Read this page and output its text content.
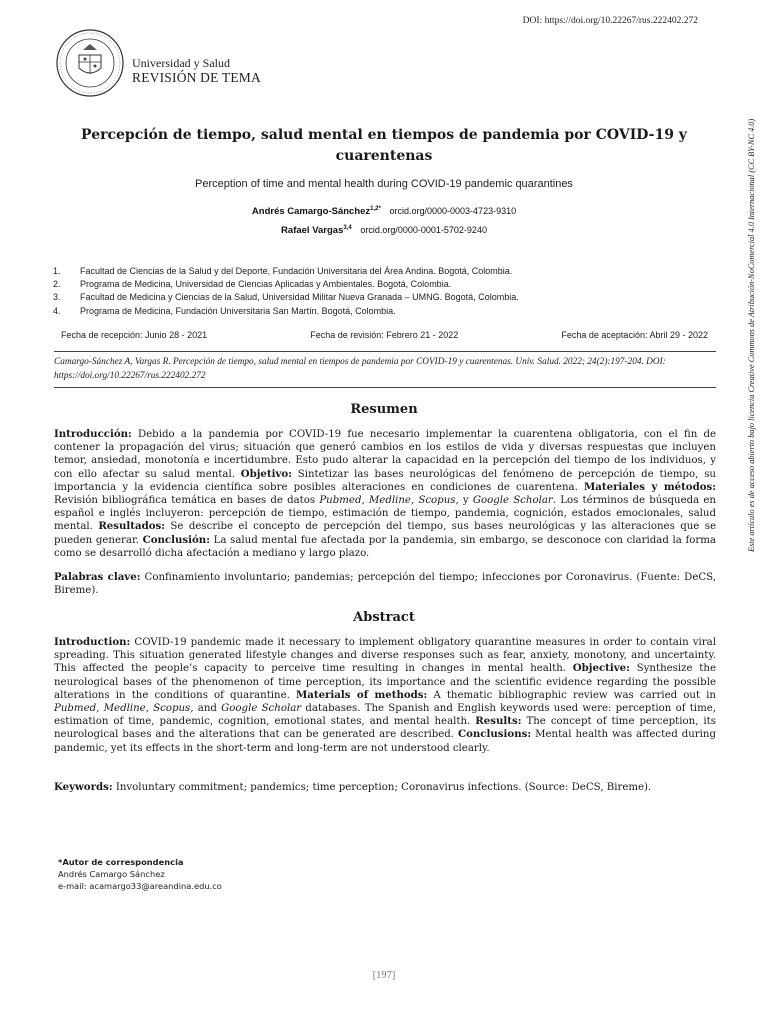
DOI: https://doi.org/10.22267/rus.222402.272
Universidad y Salud
REVISIÓN DE TEMA
Percepción de tiempo, salud mental en tiempos de pandemia por COVID-19 y cuarentenas
Perception of time and mental health during COVID-19 pandemic quarantines
Andrés Camargo-Sánchez$^{1,2*}$ orcid.org/0000-0003-4723-9310
Rafael Vargas$^{3,4}$ orcid.org/0000-0001-5702-9240
1.	Facultad de Ciencias de la Salud y del Deporte, Fundación Universitaria del Área Andina. Bogotá, Colombia.
2.	Programa de Medicina, Universidad de Ciencias Aplicadas y Ambientales. Bogotá, Colombia.
3.	Facultad de Medicina y Ciencias de la Salud, Universidad Militar Nueva Granada – UMNG. Bogotá, Colombia.
4.	Programa de Medicina, Fundación Universitaria San Martín. Bogotá, Colombia.
Fecha de recepción: Junio 28 - 2021	Fecha de revisión: Febrero 21 - 2022	Fecha de aceptación: Abril 29 - 2022
Camargo-Sánchez A, Vargas R. Percepción de tiempo, salud mental en tiempos de pandemia por COVID-19 y cuarentenas. Univ. Salud. 2022; 24(2):197-204. DOI: https://doi.org/10.22267/rus.222402.272
Resumen
Introducción: Debido a la pandemia por COVID-19 fue necesario implementar la cuarentena obligatoria, con el fin de contener la propagación del virus; situación que generó cambios en los estilos de vida y diversas respuestas que incluyen temor, ansiedad, monotonía e incertidumbre. Esto pudo alterar la capacidad en la percepción del tiempo de los individuos, y con ello afectar su salud mental. Objetivo: Sintetizar las bases neurológicas del fenómeno de percepción de tiempo, su importancia y la evidencia científica sobre posibles alteraciones en condiciones de cuarentena. Materiales y métodos: Revisión bibliográfica temática en bases de datos Pubmed, Medline, Scopus, y Google Scholar. Los términos de búsqueda en español e inglés incluyeron: percepción de tiempo, estimación de tiempo, pandemia, cognición, estados emocionales, salud mental. Resultados: Se describe el concepto de percepción del tiempo, sus bases neurológicas y las alteraciones que se pueden generar. Conclusión: La salud mental fue afectada por la pandemia, sin embargo, se desconoce con claridad la forma como se desarrolló dicha afectación a mediano y largo plazo.
Palabras clave: Confinamiento involuntario; pandemias; percepción del tiempo; infecciones por Coronavirus. (Fuente: DeCS, Bireme).
Abstract
Introduction: COVID-19 pandemic made it necessary to implement obligatory quarantine measures in order to contain viral spreading. This situation generated lifestyle changes and diverse responses such as fear, anxiety, monotony, and uncertainty. This affected the people’s capacity to perceive time resulting in changes in mental health. Objective: Synthesize the neurological bases of the phenomenon of time perception, its importance and the scientific evidence regarding the possible alterations in the conditions of quarantine. Materials of methods: A thematic bibliographic review was carried out in Pubmed, Medline, Scopus, and Google Scholar databases. The Spanish and English keywords used were: perception of time, estimation of time, pandemic, cognition, emotional states, and mental health. Results: The concept of time perception, its neurological bases and the alterations that can be generated are described. Conclusions: Mental health was affected during pandemic, yet its effects in the short-term and long-term are not understood clearly.
Keywords: Involuntary commitment; pandemics; time perception; Coronavirus infections. (Source: DeCS, Bireme).
*Autor de correspondencia
Andrés Camargo Sánchez
e-mail: acamargo33@areandina.edu.co
[197]
Este artículo es de acceso abierto bajo licencia Creative Commons de Atribución-NoComercial 4.0 Internacional (CC BY-NC 4.0)
